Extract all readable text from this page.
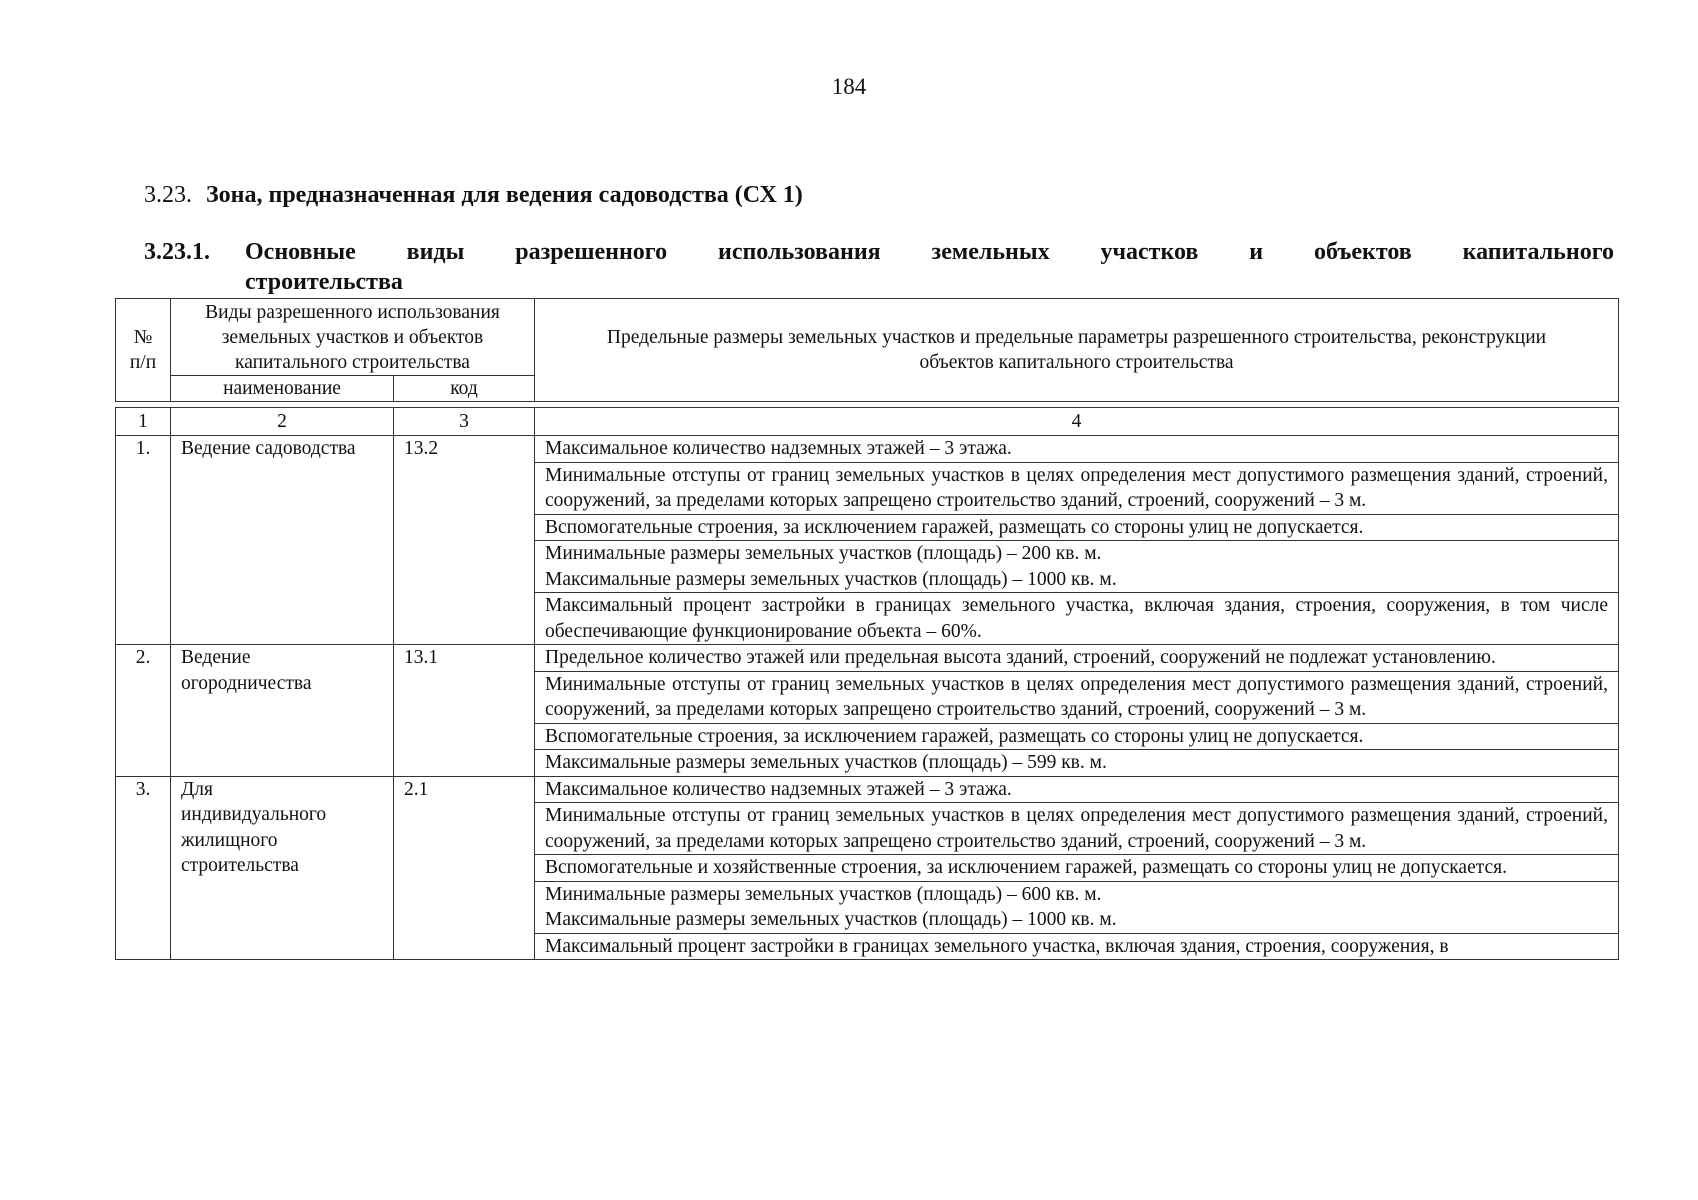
184
3.23. Зона, предназначенная для ведения садоводства (СХ 1)
3.23.1. Основные виды разрешенного использования земельных участков и объектов капитального
строительства
№ п/п	Виды разрешенного использования земельных участков и объектов капитального строительства		Предельные размеры земельных участков и предельные параметры разрешенного строительства, реконструкции объектов капитального строительства
	наименование	код	
1	2	3	4
1.	Ведение садоводства	13.2	Максимальное количество надземных этажей – 3 этажа.

			Минимальные отступы от границ земельных участков в целях определения мест допустимого размещения зданий, строений, сооружений, за пределами которых запрещено строительство зданий, строений, сооружений – 3 м.

			Вспомогательные строения, за исключением гаражей, размещать со стороны улиц не допускается.

			Минимальные размеры земельных участков (площадь) – 200 кв. м.
Максимальные размеры земельных участков (площадь) – 1000 кв. м.

			Максимальный процент застройки в границах земельного участка, включая здания, строения, сооружения, в том числе обеспечивающие функционирование объекта – 60%.

2.	Ведение огородничества	13.1	Предельное количество этажей или предельная высота зданий, строений, сооружений не подлежат установлению.

			Минимальные отступы от границ земельных участков в целях определения мест допустимого размещения зданий, строений, сооружений, за пределами которых запрещено строительство зданий, строений, сооружений – 3 м.

			Вспомогательные строения, за исключением гаражей, размещать со стороны улиц не допускается.

			Максимальные размеры земельных участков (площадь) – 599 кв. м.

3.	Для индивидуального жилищного строительства	2.1	Максимальное количество надземных этажей – 3 этажа.

			Минимальные отступы от границ земельных участков в целях определения мест допустимого размещения зданий, строений, сооружений, за пределами которых запрещено строительство зданий, строений, сооружений – 3 м.

			Вспомогательные и хозяйственные строения, за исключением гаражей, размещать со стороны улиц не допускается.

			Минимальные размеры земельных участков (площадь) – 600 кв. м.
Максимальные размеры земельных участков (площадь) – 1000 кв. м.

			Максимальный процент застройки в границах земельного участка, включая здания, строения, сооружения, в
